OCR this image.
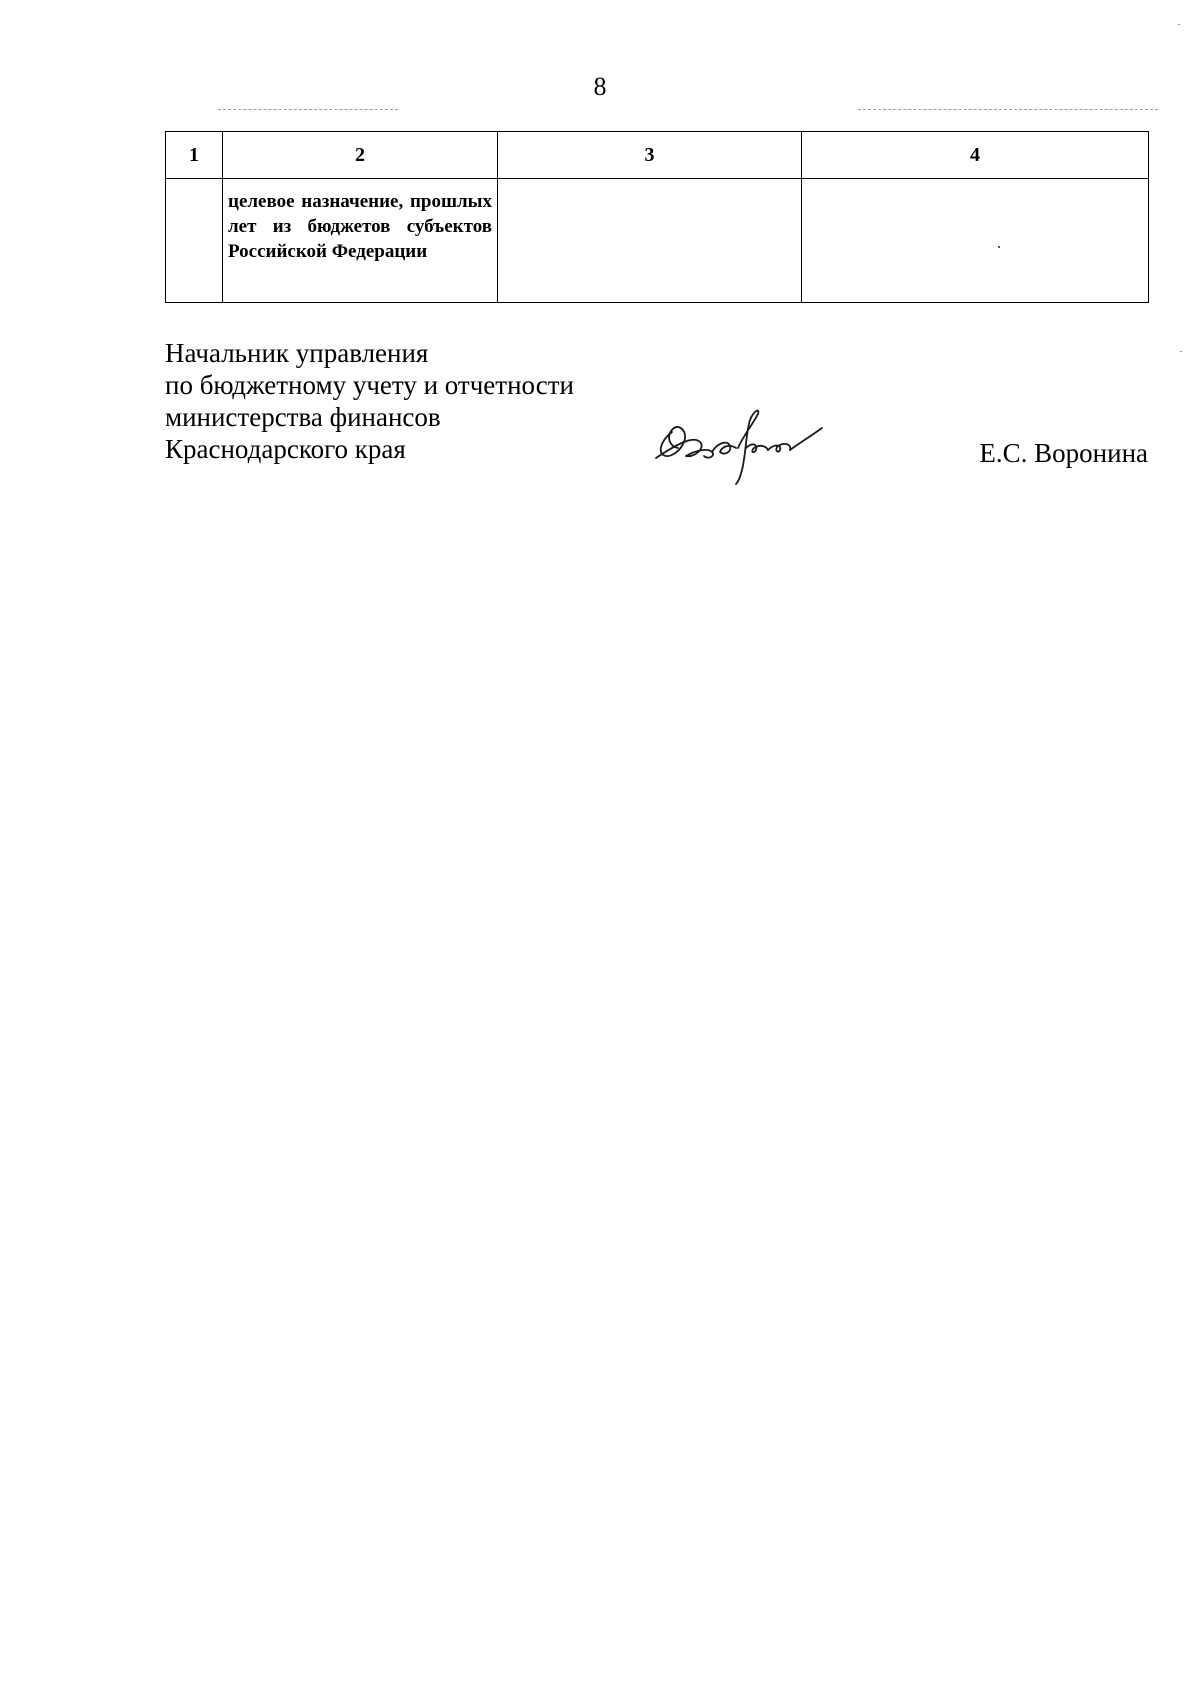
8
1	2	3	4

	целевое назначение, прошлых лет из бюджетов субъектов Российской Федерации		

Начальник управления
по бюджетному учету и отчетности
министерства финансов
Краснодарского края	Е.С. Воронина
